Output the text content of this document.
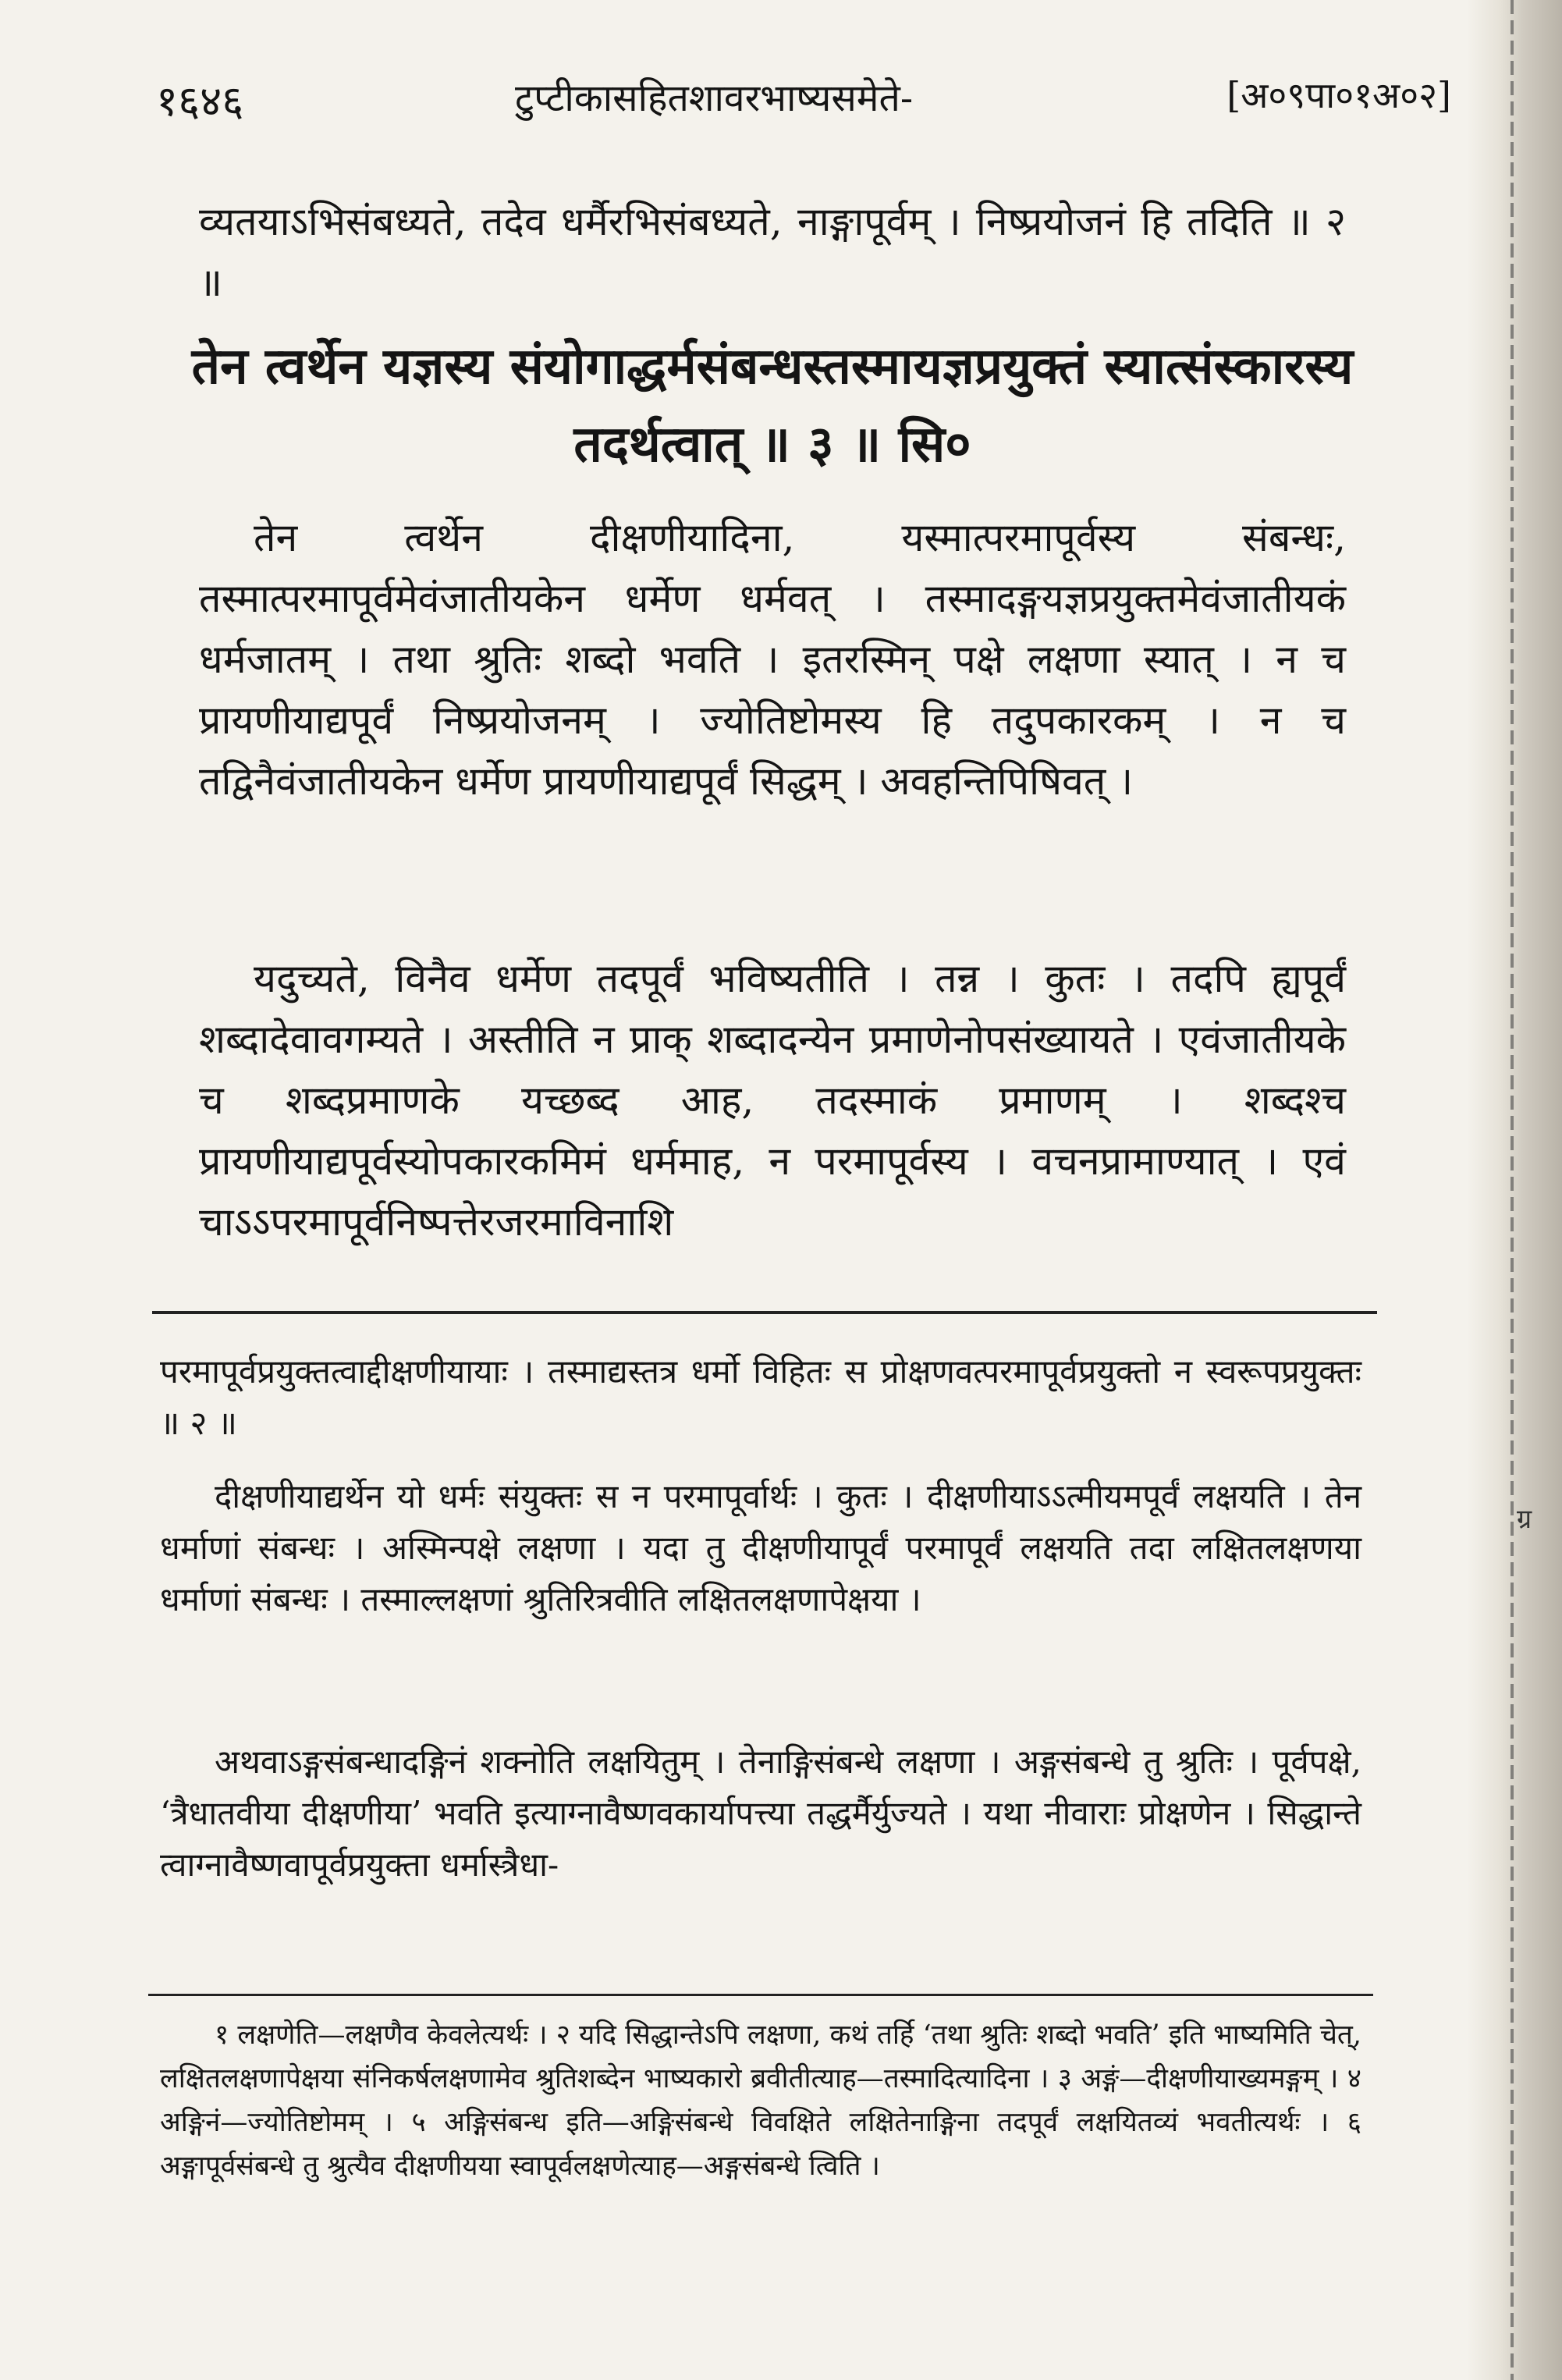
ग्र
१६४६	टुप्टीकासहितशावरभाष्यसमेते-	[अ०९पा०१अ०२]

व्यतयाऽभिसंबध्यते, तदेव धर्मैरभिसंबध्यते, नाङ्गापूर्वम् । निष्प्रयोजनं हि तदिति ॥ २ ॥

तेन त्वर्थेन यज्ञस्य संयोगाद्धर्मसंबन्धस्तस्मायज्ञप्रयुक्तं स्यात्संस्कारस्य तदर्थत्वात् ॥ ३ ॥ सि०

तेन त्वर्थेन दीक्षणीयादिना, यस्मात्परमापूर्वस्य संबन्धः, तस्मात्परमापूर्वमेवंजातीयकेन धर्मेण धर्मवत् । तस्मादङ्गयज्ञप्रयुक्तमेवंजातीयकं धर्मजातम् । तथा श्रुतिः शब्दो भवति । इतरस्मिन् पक्षे लक्षणा स्यात् । न च प्रायणीयाद्यपूर्वं निष्प्रयोजनम् । ज्योतिष्टोमस्य हि तदुपकारकम् । न च तद्विनैवंजातीयकेन धर्मेण प्रायणीयाद्यपूर्वं सिद्धम् । अवहन्तिपिषिवत् ।

यदुच्यते, विनैव धर्मेण तदपूर्वं भविष्यतीति । तन्न । कुतः । तदपि ह्यपूर्वं शब्दादेवावगम्यते । अस्तीति न प्राक् शब्दादन्येन प्रमाणेनोपसंख्यायते । एवंजातीयके च शब्दप्रमाणके यच्छब्द आह, तदस्माकं प्रमाणम् । शब्दश्च प्रायणीयाद्यपूर्वस्योपकारकमिमं धर्ममाह, न परमापूर्वस्य । वचनप्रामाण्यात् । एवं चाऽऽपरमापूर्वनिष्पत्तेरजरमाविनाशि

परमापूर्वप्रयुक्तत्वाद्दीक्षणीयायाः । तस्माद्यस्तत्र धर्मो विहितः स प्रोक्षणवत्परमापूर्वप्रयुक्तो न स्वरूपप्रयुक्तः ॥ २ ॥

दीक्षणीयाद्यर्थेन यो धर्मः संयुक्तः स न परमापूर्वार्थः । कुतः । दीक्षणीयाऽऽत्मीयमपूर्वं लक्षयति । तेन धर्माणां संबन्धः । अस्मिन्पक्षे लक्षणा । यदा तु दीक्षणीयापूर्वं परमापूर्वं लक्षयति तदा लक्षितलक्षणया धर्माणां संबन्धः । तस्माल्लक्षणां श्रुतिरित्रवीति लक्षितलक्षणापेक्षया ।

अथवाऽङ्गसंबन्धादङ्गिनं शक्नोति लक्षयितुम् । तेनाङ्गिसंबन्धे लक्षणा । अङ्गसंबन्धे तु श्रुतिः । पूर्वपक्षे, ‘त्रैधातवीया दीक्षणीया’ भवति इत्याग्नावैष्णवकार्यापत्त्या तद्धर्मैर्युज्यते । यथा नीवाराः प्रोक्षणेन । सिद्धान्ते त्वाग्नावैष्णवापूर्वप्रयुक्ता धर्मास्त्रैधा-

१ लक्षणेति—लक्षणैव केवलेत्यर्थः । २ यदि सिद्धान्तेऽपि लक्षणा, कथं तर्हि ‘तथा श्रुतिः शब्दो भवति’ इति भाष्यमिति चेत्, लक्षितलक्षणापेक्षया संनिकर्षलक्षणामेव श्रुतिशब्देन भाष्यकारो ब्रवीतीत्याह—तस्मादित्यादिना । ३ अङ्गं—दीक्षणीयाख्यमङ्गम् । ४ अङ्गिनं—ज्योतिष्टोमम् । ५ अङ्गिसंबन्ध इति—अङ्गिसंबन्धे विवक्षिते लक्षितेनाङ्गिना तदपूर्वं लक्षयितव्यं भवतीत्यर्थः । ६ अङ्गापूर्वसंबन्धे तु श्रुत्यैव दीक्षणीयया स्वापूर्वलक्षणेत्याह—अङ्गसंबन्धे त्विति ।
